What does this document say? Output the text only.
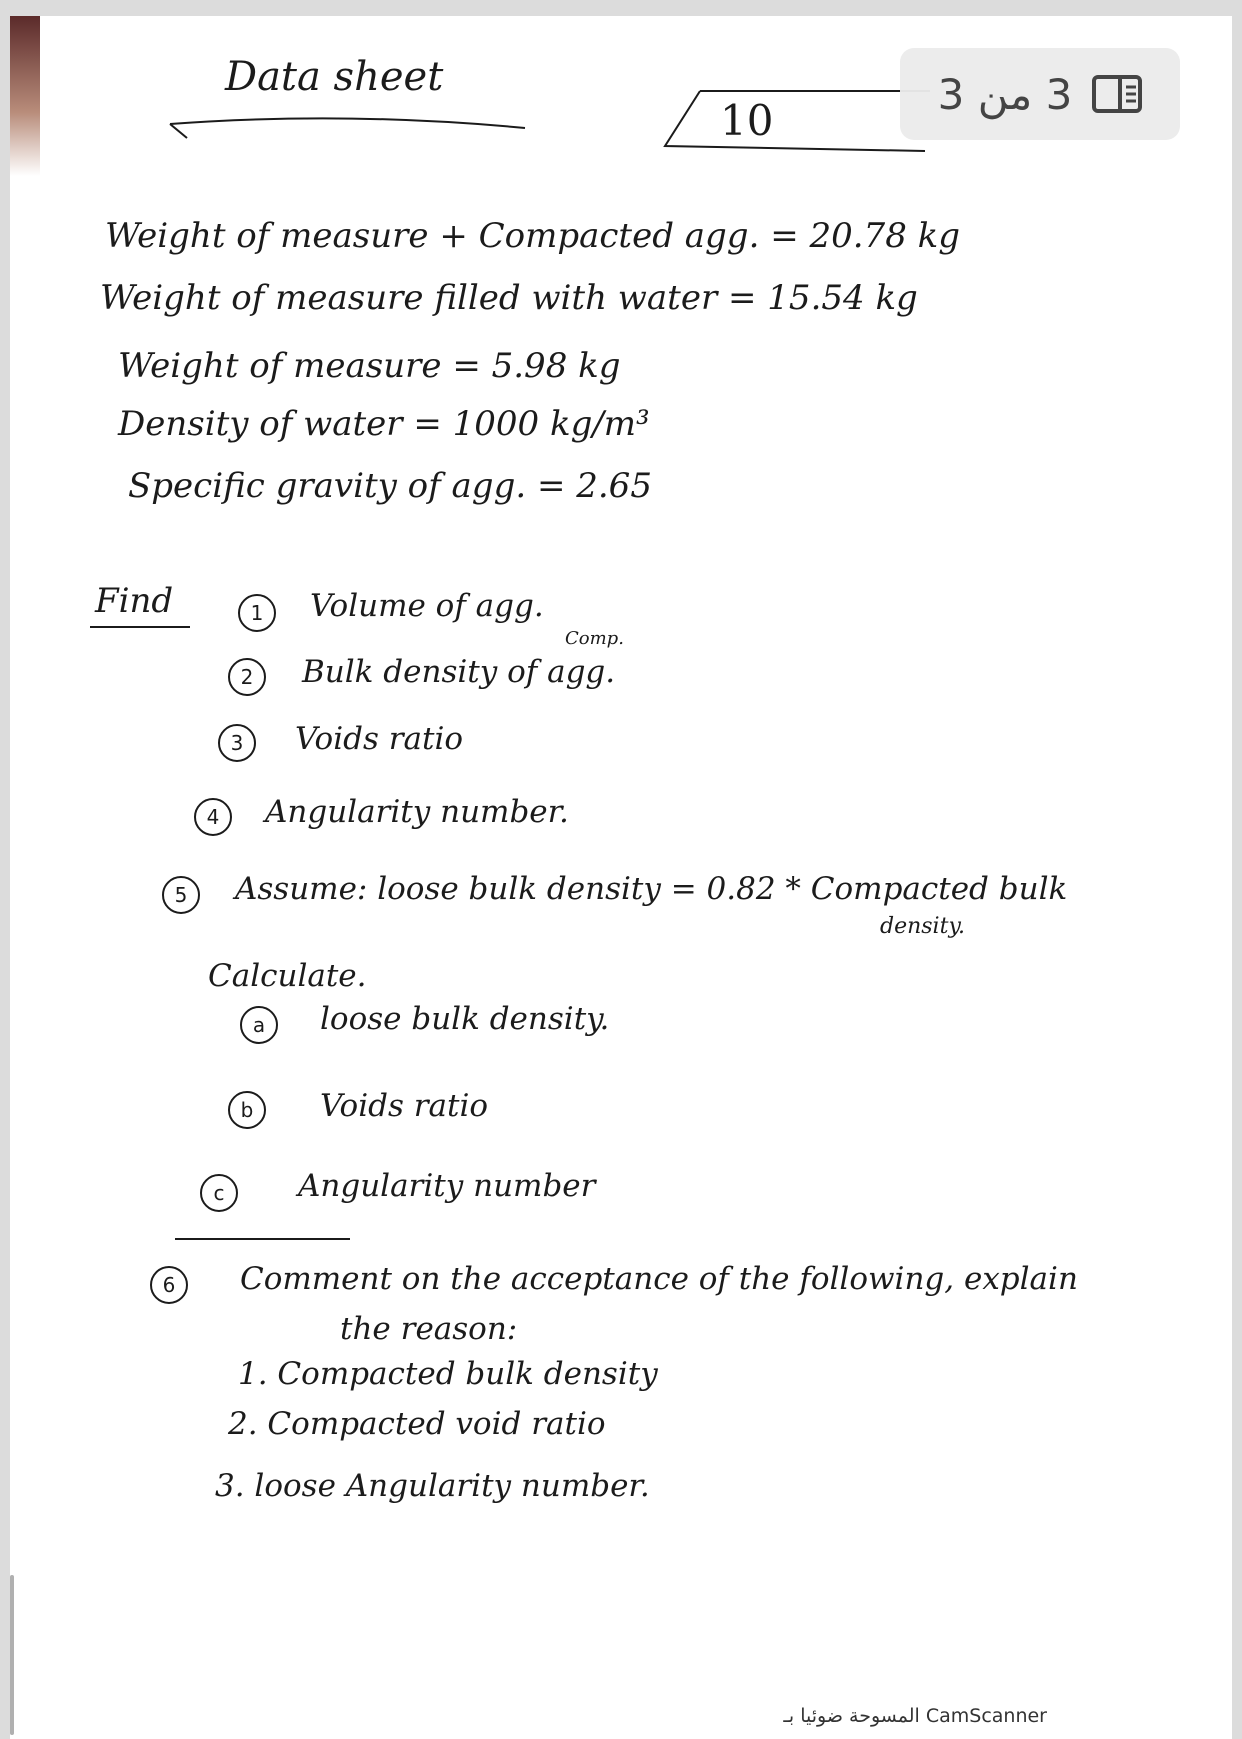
Data sheet
10
Weight of measure + Compacted agg. = 20.78 kg
Weight of measure filled with water = 15.54 kg
Weight of measure = 5.98 kg
Density of water = 1000 kg/m³
Specific gravity of agg. = 2.65
Find	1	Volume of agg.
Comp.
2	Bulk density of agg.
3	Voids ratio
4	Angularity number.
5	Assume: loose bulk density = 0.82 * Compacted bulk
density.
Calculate.
a	loose bulk density.
b	Voids ratio
c	Angularity number
6	Comment on the acceptance of the following, explain
the reason:
1. Compacted bulk density
2. Compacted void ratio
3. loose Angularity number.
3 من 3
المسوحة ضوئيا بـ CamScanner
